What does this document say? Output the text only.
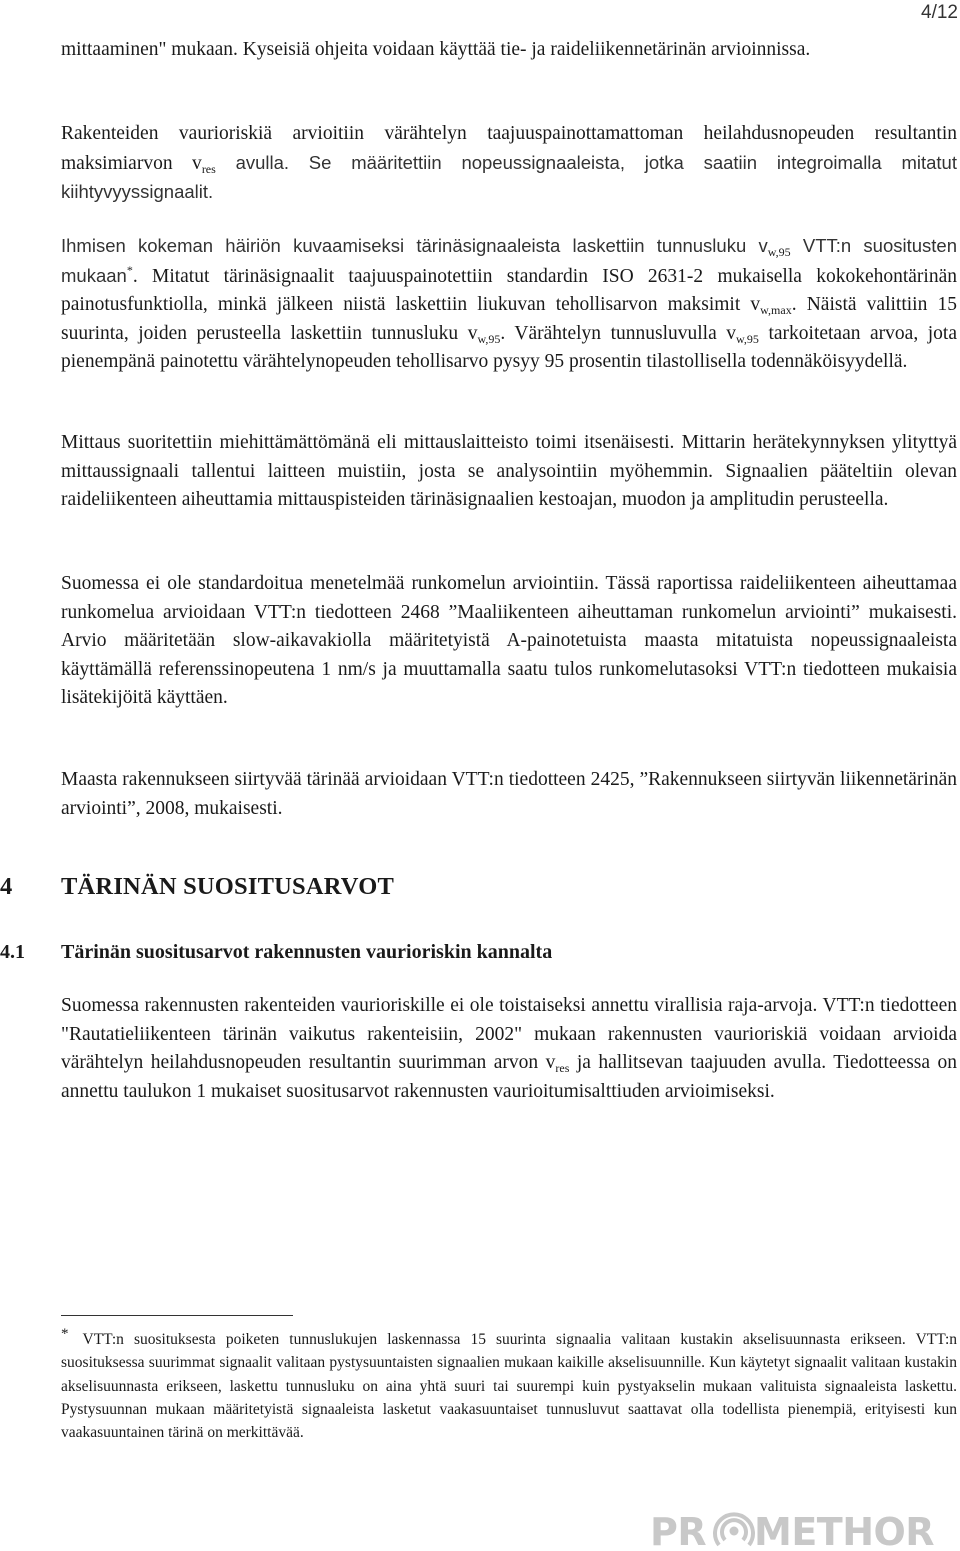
4/12

mittaaminen" mukaan. Kyseisiä ohjeita voidaan käyttää tie- ja raideliikennetärinän arvioinnissa.

Rakenteiden vaurioriskiä arvioitiin värähtelyn taajuuspainottamattoman heilahdusnopeuden resultantin maksimiarvon $v_{res}$ avulla. Se määritettiin nopeussignaaleista, jotka saatiin integroimalla mitatut kiihtyvyyssignaalit.

Ihmisen kokeman häiriön kuvaamiseksi tärinäsignaaleista laskettiin tunnusluku $v_{w,95}$ VTT:n suositusten mukaan*. Mitatut tärinäsignaalit taajuuspainotettiin standardin ISO 2631-2 mukaisella kokokehontärinän painotusfunktiolla, minkä jälkeen niistä laskettiin liukuvan tehollisarvon maksimit $v_{w,max}$. Näistä valittiin 15 suurinta, joiden perusteella laskettiin tunnusluku $v_{w,95}$. Värähtelyn tunnusluvulla $v_{w,95}$ tarkoitetaan arvoa, jota pienempänä painotettu värähtelynopeuden tehollisarvo pysyy 95 prosentin tilastollisella todennäköisyydellä.

Mittaus suoritettiin miehittämättömänä eli mittauslaitteisto toimi itsenäisesti. Mittarin herätekynnyksen ylityttyä mittaussignaali tallentui laitteen muistiin, josta se analysointiin myöhemmin. Signaalien pääteltiin olevan raideliikenteen aiheuttamia mittauspisteiden tärinäsignaalien kestoajan, muodon ja amplitudin perusteella.

Suomessa ei ole standardoitua menetelmää runkomelun arviointiin. Tässä raportissa raideliikenteen aiheuttamaa runkomelua arvioidaan VTT:n tiedotteen 2468 ”Maaliikenteen aiheuttaman runkomelun arviointi” mukaisesti. Arvio määritetään slow-aikavakiolla määritetyistä A-painotetuista maasta mitatuista nopeussignaaleista käyttämällä referenssinopeutena 1 nm/s ja muuttamalla saatu tulos runkomelutasoksi VTT:n tiedotteen mukaisia lisätekijöitä käyttäen.

Maasta rakennukseen siirtyvää tärinää arvioidaan VTT:n tiedotteen 2425, ”Rakennukseen siirtyvän liikennetärinän arviointi”, 2008, mukaisesti.

4 TÄRINÄN SUOSITUSARVOT
4.1 Tärinän suositusarvot rakennusten vaurioriskin kannalta

Suomessa rakennusten rakenteiden vaurioriskille ei ole toistaiseksi annettu virallisia raja-arvoja. VTT:n tiedotteen "Rautatieliikenteen tärinän vaikutus rakenteisiin, 2002" mukaan rakennusten vaurioriskiä voidaan arvioida värähtelyn heilahdusnopeuden resultantin suurimman arvon $v_{res}$ ja hallitsevan taajuuden avulla. Tiedotteessa on annettu taulukon 1 mukaiset suositusarvot rakennusten vaurioitumisalttiuden arvioimiseksi.

* VTT:n suosituksesta poiketen tunnuslukujen laskennassa 15 suurinta signaalia valitaan kustakin akselisuunnasta erikseen. VTT:n suosituksessa suurimmat signaalit valitaan pystysuuntaisten signaalien mukaan kaikille akselisuunnille. Kun käytetyt signaalit valitaan kustakin akselisuunnasta erikseen, laskettu tunnusluku on aina yhtä suuri tai suurempi kuin pystyakselin mukaan valituista signaaleista laskettu. Pystysuunnan mukaan määritetyistä signaaleista lasketut vaakasuuntaiset tunnusluvut saattavat olla todellista pienempiä, erityisesti kun vaakasuuntainen tärinä on merkittävää.

PR METHOR
